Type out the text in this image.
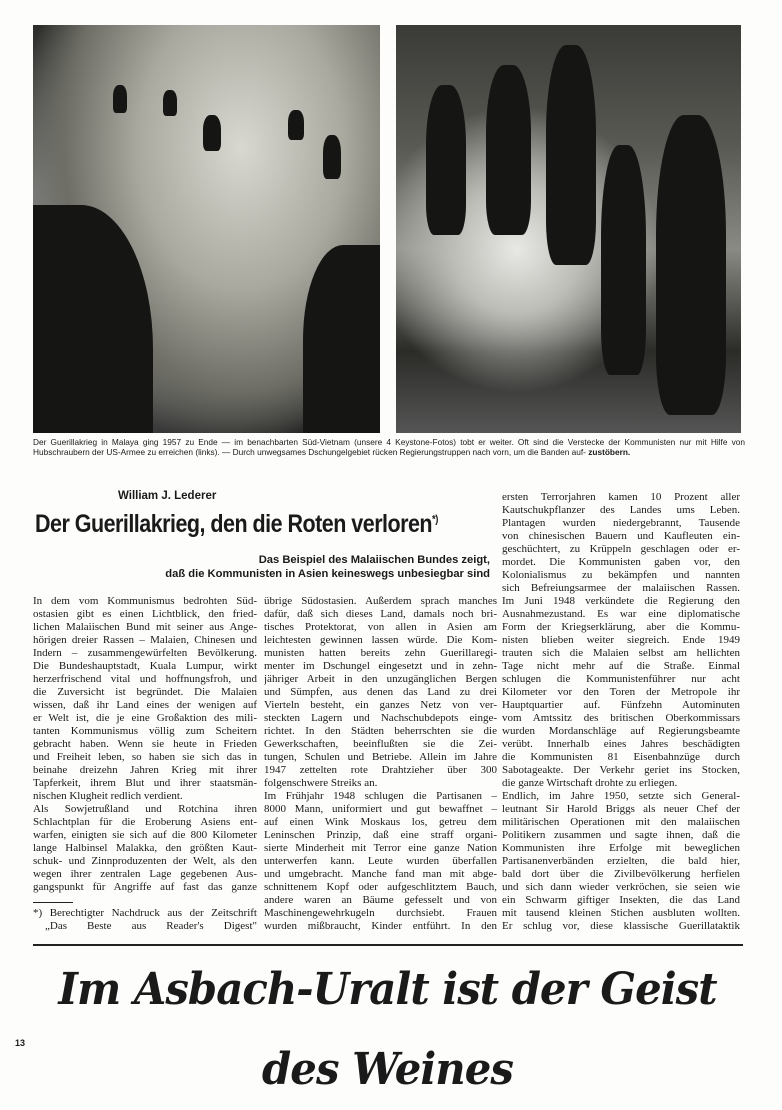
Der Guerillakrieg in Malaya ging 1957 zu Ende — im benachbarten Süd-Vietnam (unsere 4 Keystone-Fotos) tobt er weiter. Oft sind die Verstecke der Kommunisten nur mit Hilfe von Hubschraubern der US-Armee zu erreichen (links). — Durch unwegsames Dschungelgebiet rücken Regierungstruppen nach vorn, um die Banden auf- zustöbern.
William J. Lederer
Der Guerillakrieg, den die Roten verloren*)
Das Beispiel des Malaiischen Bundes zeigt,
daß die Kommunisten in Asien keineswegs unbesiegbar sind
In dem vom Kommunismus bedrohten Süd-
ostasien gibt es einen Lichtblick, den fried-
lichen Malaiischen Bund mit seiner aus Ange-
hörigen dreier Rassen – Malaien, Chinesen und
Indern – zusammengewürfelten Bevölkerung.
Die Bundeshauptstadt, Kuala Lumpur, wirkt
herzerfrischend vital und hoffnungsfroh, und
die Zuversicht ist begründet. Die Malaien
wissen, daß ihr Land eines der wenigen auf
er Welt ist, die je eine Großaktion des mili-
tanten Kommunismus völlig zum Scheitern
gebracht haben. Wenn sie heute in Frieden
und Freiheit leben, so haben sie sich das in
beinahe dreizehn Jahren Krieg mit ihrer
Tapferkeit, ihrem Blut und ihrer staatsmän-
nischen Klugheit redlich verdient.
Als Sowjetrußland und Rotchina ihren
Schlachtplan für die Eroberung Asiens ent-
warfen, einigten sie sich auf die 800 Kilometer
lange Halbinsel Malakka, den größten Kaut-
schuk- und Zinnproduzenten der Welt, als den
wegen ihrer zentralen Lage gegebenen Aus-
gangspunkt für Angriffe auf fast das ganze
*) Berechtigter Nachdruck aus der Zeitschrift
„Das Beste aus Reader's Digest"
übrige Südostasien. Außerdem sprach manches
dafür, daß sich dieses Land, damals noch bri-
tisches Protektorat, von allen in Asien am
leichtesten gewinnen lassen würde. Die Kom-
munisten hatten bereits zehn Guerillaregi-
menter im Dschungel eingesetzt und in zehn-
jähriger Arbeit in den unzugänglichen Bergen
und Sümpfen, aus denen das Land zu drei
Vierteln besteht, ein ganzes Netz von ver-
steckten Lagern und Nachschubdepots einge-
richtet. In den Städten beherrschten sie die
Gewerkschaften, beeinflußten sie die Zei-
tungen, Schulen und Betriebe. Allein im Jahre
1947 zettelten rote Drahtzieher über 300
folgenschwere Streiks an.
Im Frühjahr 1948 schlugen die Partisanen –
8000 Mann, uniformiert und gut bewaffnet –
auf einen Wink Moskaus los, getreu dem
Leninschen Prinzip, daß eine straff organi-
sierte Minderheit mit Terror eine ganze Nation
unterwerfen kann. Leute wurden überfallen
und umgebracht. Manche fand man mit abge-
schnittenem Kopf oder aufgeschlitztem Bauch,
andere waren an Bäume gefesselt und von
Maschinengewehrkugeln durchsiebt. Frauen
wurden mißbraucht, Kinder entführt. In den
ersten Terrorjahren kamen 10 Prozent aller
Kautschukpflanzer des Landes ums Leben.
Plantagen wurden niedergebrannt, Tausende
von chinesischen Bauern und Kaufleuten ein-
geschüchtert, zu Krüppeln geschlagen oder er-
mordet. Die Kommunisten gaben vor, den
Kolonialismus zu bekämpfen und nannten
sich Befreiungsarmee der malaiischen Rassen.
Im Juni 1948 verkündete die Regierung den
Ausnahmezustand. Es war eine diplomatische
Form der Kriegserklärung, aber die Kommu-
nisten blieben weiter siegreich. Ende 1949
trauten sich die Malaien selbst am hellichten
Tage nicht mehr auf die Straße. Einmal
schlugen die Kommunistenführer nur acht
Kilometer vor den Toren der Metropole ihr
Hauptquartier auf. Fünfzehn Autominuten
vom Amtssitz des britischen Oberkommissars
wurden Mordanschläge auf Regierungsbeamte
verübt. Innerhalb eines Jahres beschädigten
die Kommunisten 81 Eisenbahnzüge durch
Sabotageakte. Der Verkehr geriet ins Stocken,
die ganze Wirtschaft drohte zu erliegen.
Endlich, im Jahre 1950, setzte sich General-
leutnant Sir Harold Briggs als neuer Chef der
militärischen Operationen mit den malaiischen
Politikern zusammen und sagte ihnen, daß die
Kommunisten ihre Erfolge mit beweglichen
Partisanenverbänden erzielten, die bald hier,
bald dort über die Zivilbevölkerung herfielen
und sich dann wieder verkröchen, sie seien wie
ein Schwarm giftiger Insekten, die das Land
mit tausend kleinen Stichen ausbluten wollten.
Er schlug vor, diese klassische Guerillataktik
Im Asbach-Uralt ist der Geist des Weines
13
